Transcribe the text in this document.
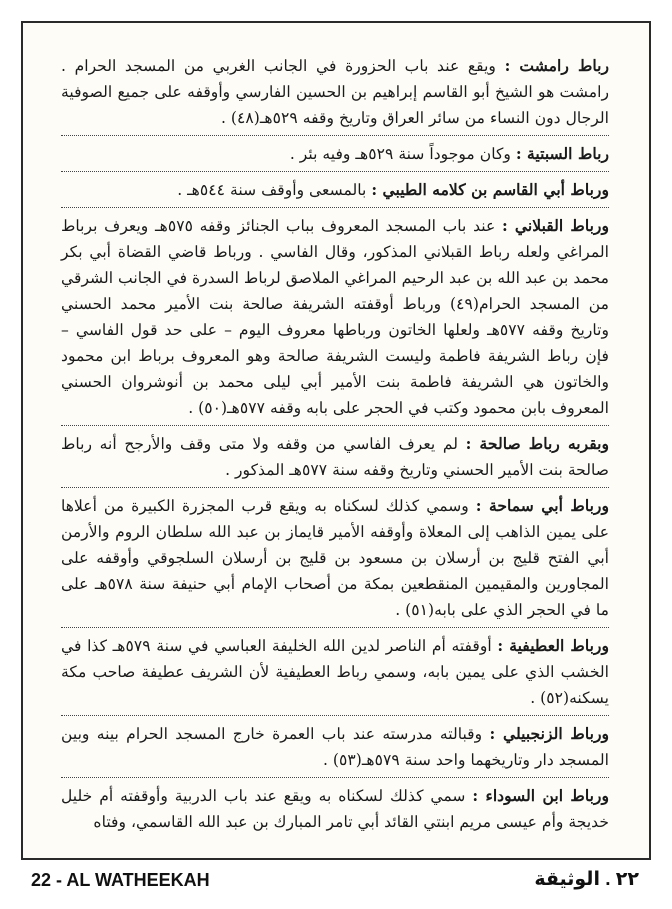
رباط رامشت : ويقع عند باب الحزورة في الجانب الغربي من المسجد الحرام . رامشت هو الشيخ أبو القاسم إبراهيم بن الحسين الفارسي وأوقفه على جميع الصوفية الرجال دون النساء من سائر العراق وتاريخ وقفه ٥٢٩هـ(٤٨) .

رباط السبتية : وكان موجوداً سنة ٥٢٩هـ وفيه بئر .

ورباط أبي القاسم بن كلامه الطيبي : بالمسعى وأوقف سنة ٥٤٤هـ .

ورباط القبلاني : عند باب المسجد المعروف بباب الجنائز وقفه ٥٧٥هـ ويعرف برباط المراغي ولعله رباط القبلاني المذكور، وقال الفاسي . ورباط قاضي القضاة أبي بكر محمد بن عبد الله بن عبد الرحيم المراغي الملاصق لرباط السدرة في الجانب الشرقي من المسجد الحرام(٤٩) ورباط أوقفته الشريفة صالحة بنت الأمير محمد الحسني وتاريخ وقفه ٥٧٧هـ ولعلها الخاتون ورباطها معروف اليوم – على حد قول الفاسي – فإن رباط الشريفة فاطمة وليست الشريفة صالحة وهو المعروف برباط ابن محمود والخاتون هي الشريفة فاطمة بنت الأمير أبي ليلى محمد بن أنوشروان الحسني المعروف بابن محمود وكتب في الحجر على بابه وقفه ٥٧٧هـ(٥٠) .

وبقربه رباط صالحة : لم يعرف الفاسي من وقفه ولا متى وقف والأرجح أنه رباط صالحة بنت الأمير الحسني وتاريخ وقفه سنة ٥٧٧هـ المذكور .

ورباط أبي سماحة : وسمي كذلك لسكناه به ويقع قرب المجزرة الكبيرة من أعلاها على يمين الذاهب إلى المعلاة وأوقفه الأمير قايماز بن عبد الله سلطان الروم والأرمن أبي الفتح قليج بن أرسلان بن مسعود بن قليج بن أرسلان السلجوقي وأوقفه على المجاورين والمقيمين المنقطعين بمكة من أصحاب الإمام أبي حنيفة سنة ٥٧٨هـ على ما في الحجر الذي على بابه(٥١) .

ورباط العطيفية : أوقفته أم الناصر لدين الله الخليفة العباسي في سنة ٥٧٩هـ كذا في الخشب الذي على يمين بابه، وسمي رباط العطيفية لأن الشريف عطيفة صاحب مكة يسكنه(٥٢) .

ورباط الزنجبيلي : وقبالته مدرسته عند باب العمرة خارج المسجد الحرام بينه وبين المسجد دار وتاريخهما واحد سنة ٥٧٩هـ(٥٣) .

ورباط ابن السوداء : سمي كذلك لسكناه به ويقع عند باب الدربية وأوقفته أم خليل خديجة وأم عيسى مريم ابنتي القائد أبي تامر المبارك بن عبد الله القاسمي، وفتاه

22 - AL WATHEEKAH	٢٢ . الوثيقة
